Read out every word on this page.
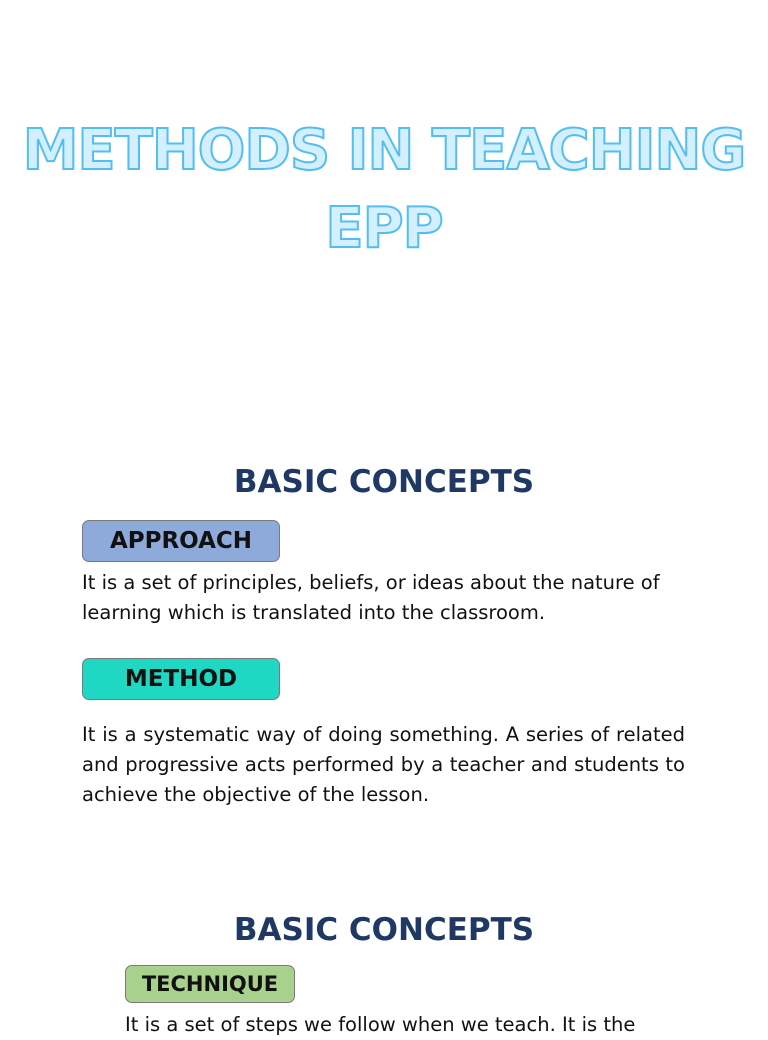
METHODS IN TEACHING EPP
BASIC CONCEPTS
APPROACH

It is a set of principles, beliefs, or ideas about the nature of learning which is translated into the classroom.

METHOD

It is a systematic way of doing something. A series of related and progressive acts performed by a teacher and students to achieve the objective of the lesson.

BASIC CONCEPTS
TECHNIQUE

It is a set of steps we follow when we teach. It is the
